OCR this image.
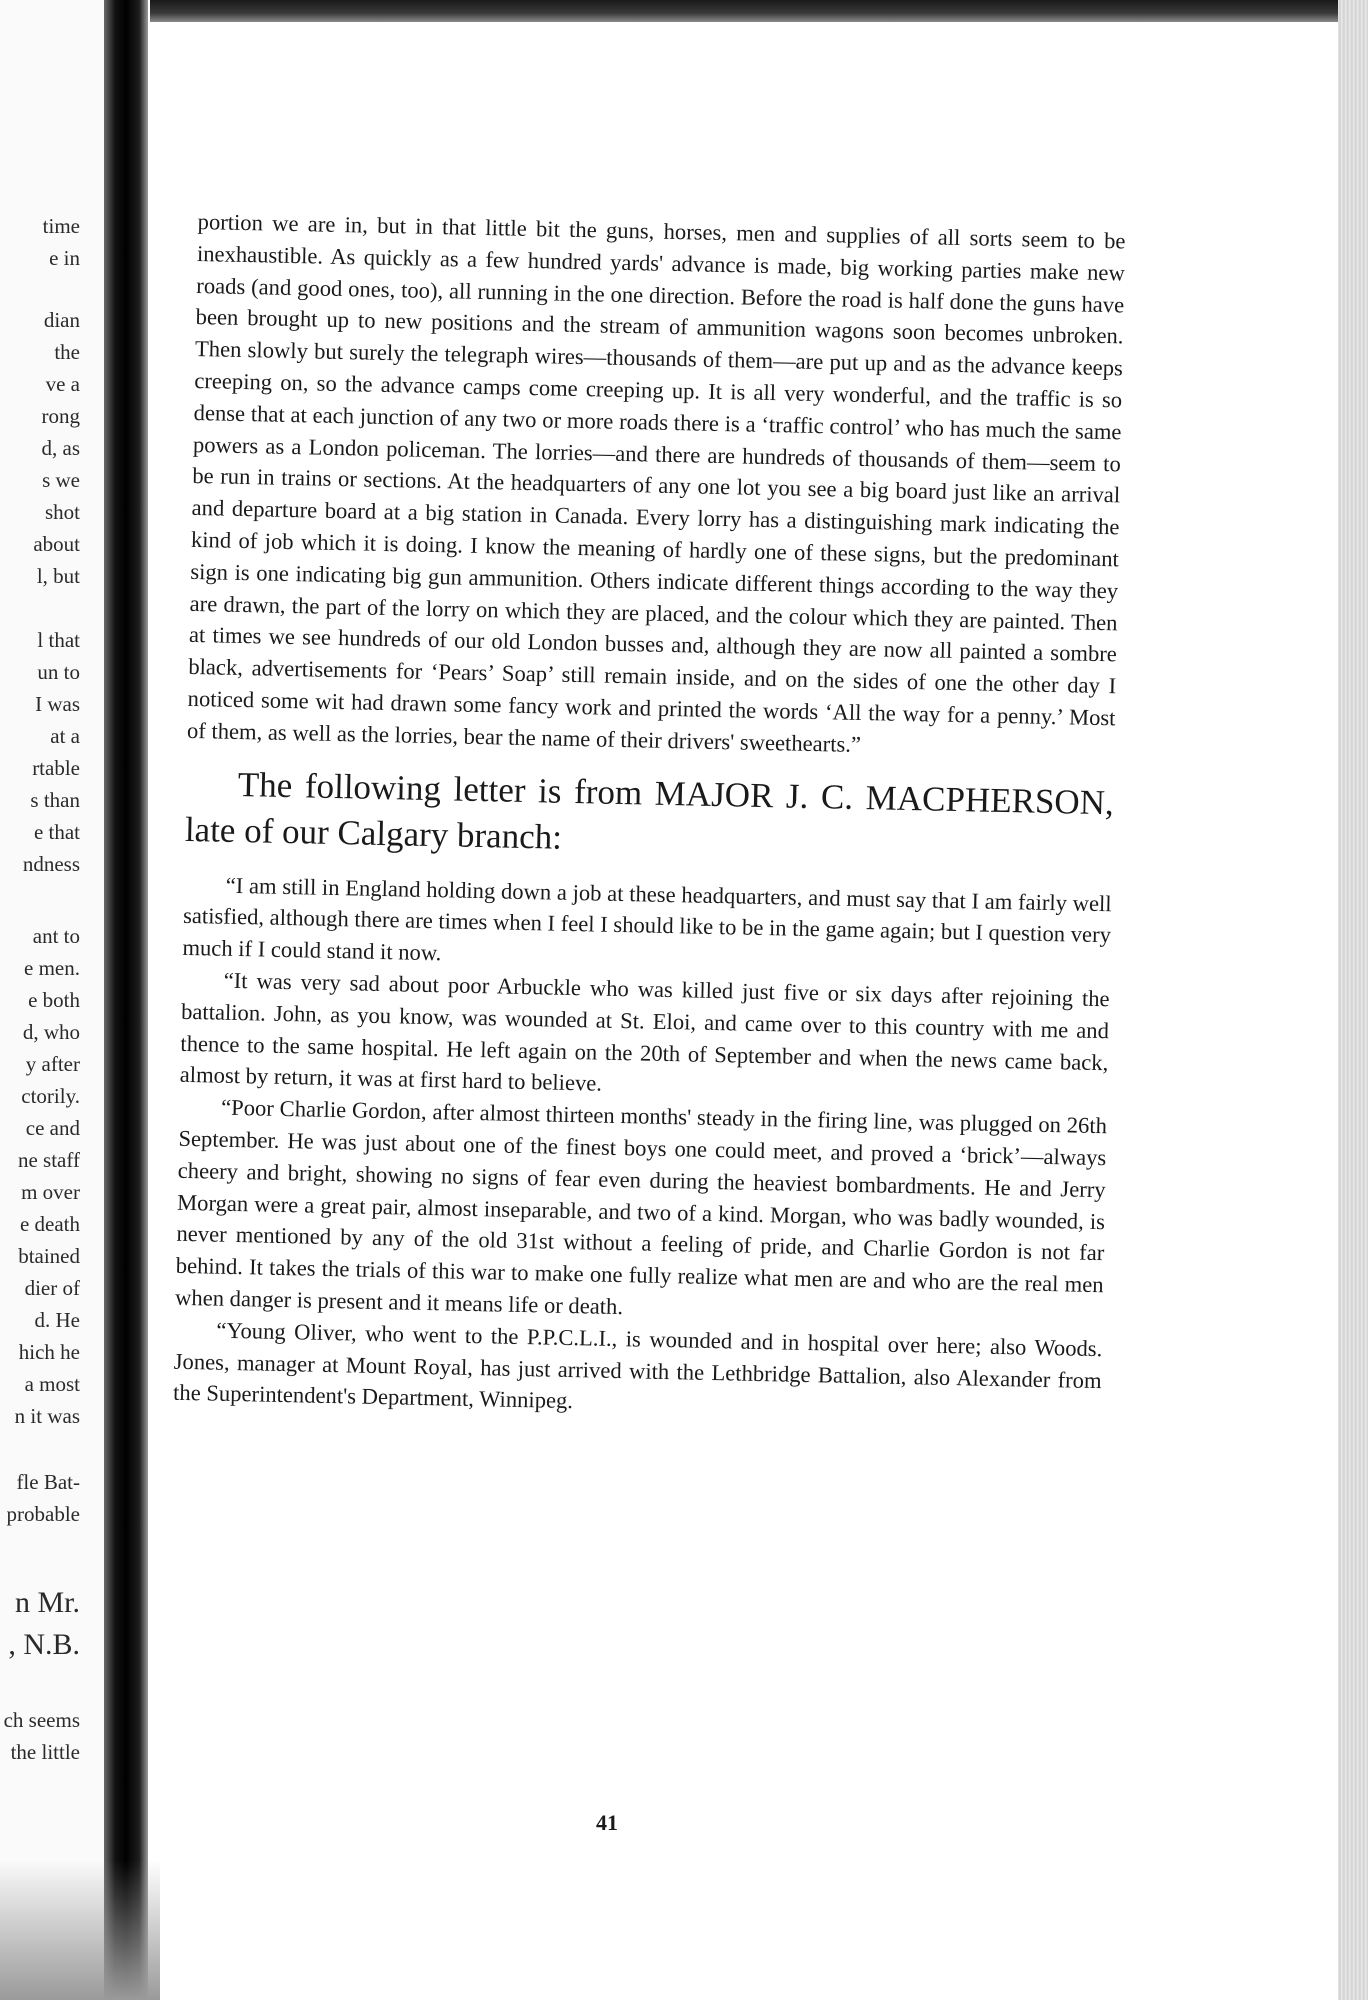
time
e in
dian
the
ve a
rong
d, as
s we
shot
about
l, but
l that
un to
I was
at a
rtable
s than
e that
ndness
ant to
e men.
e both
d, who
y after
ctorily.
ce and
ne staff
m over
e death
btained
dier of
d. He
hich he
a most
n it was
fle Bat-
probable
n Mr.
, N.B.
ch seems
the little

portion we are in, but in that little bit the guns, horses, men and supplies of all sorts seem to be inexhaustible. As quickly as a few hundred yards' advance is made, big working parties make new roads (and good ones, too), all running in the one direction. Before the road is half done the guns have been brought up to new positions and the stream of ammunition wagons soon becomes unbroken. Then slowly but surely the telegraph wires—thousands of them—are put up and as the advance keeps creeping on, so the advance camps come creeping up. It is all very wonderful, and the traffic is so dense that at each junction of any two or more roads there is a ‘traffic control’ who has much the same powers as a London policeman. The lorries—and there are hundreds of thousands of them—seem to be run in trains or sections. At the headquarters of any one lot you see a big board just like an arrival and departure board at a big station in Canada. Every lorry has a distinguishing mark indicating the kind of job which it is doing. I know the meaning of hardly one of these signs, but the predominant sign is one indicating big gun ammunition. Others indicate different things according to the way they are drawn, the part of the lorry on which they are placed, and the colour which they are painted. Then at times we see hundreds of our old London busses and, although they are now all painted a sombre black, advertisements for ‘Pears’ Soap’ still remain inside, and on the sides of one the other day I noticed some wit had drawn some fancy work and printed the words ‘All the way for a penny.’ Most of them, as well as the lorries, bear the name of their drivers' sweethearts.”

The following letter is from MAJOR J. C. MACPHERSON, late of our Calgary branch:

“I am still in England holding down a job at these headquarters, and must say that I am fairly well satisfied, although there are times when I feel I should like to be in the game again; but I question very much if I could stand it now.

“It was very sad about poor Arbuckle who was killed just five or six days after rejoining the battalion. John, as you know, was wounded at St. Eloi, and came over to this country with me and thence to the same hospital. He left again on the 20th of September and when the news came back, almost by return, it was at first hard to believe.

“Poor Charlie Gordon, after almost thirteen months' steady in the firing line, was plugged on 26th September. He was just about one of the finest boys one could meet, and proved a ‘brick’—always cheery and bright, showing no signs of fear even during the heaviest bombardments. He and Jerry Morgan were a great pair, almost inseparable, and two of a kind. Morgan, who was badly wounded, is never mentioned by any of the old 31st without a feeling of pride, and Charlie Gordon is not far behind. It takes the trials of this war to make one fully realize what men are and who are the real men when danger is present and it means life or death.

“Young Oliver, who went to the P.P.C.L.I., is wounded and in hospital over here; also Woods. Jones, manager at Mount Royal, has just arrived with the Lethbridge Battalion, also Alexander from the Superintendent's Department, Winnipeg.

41
